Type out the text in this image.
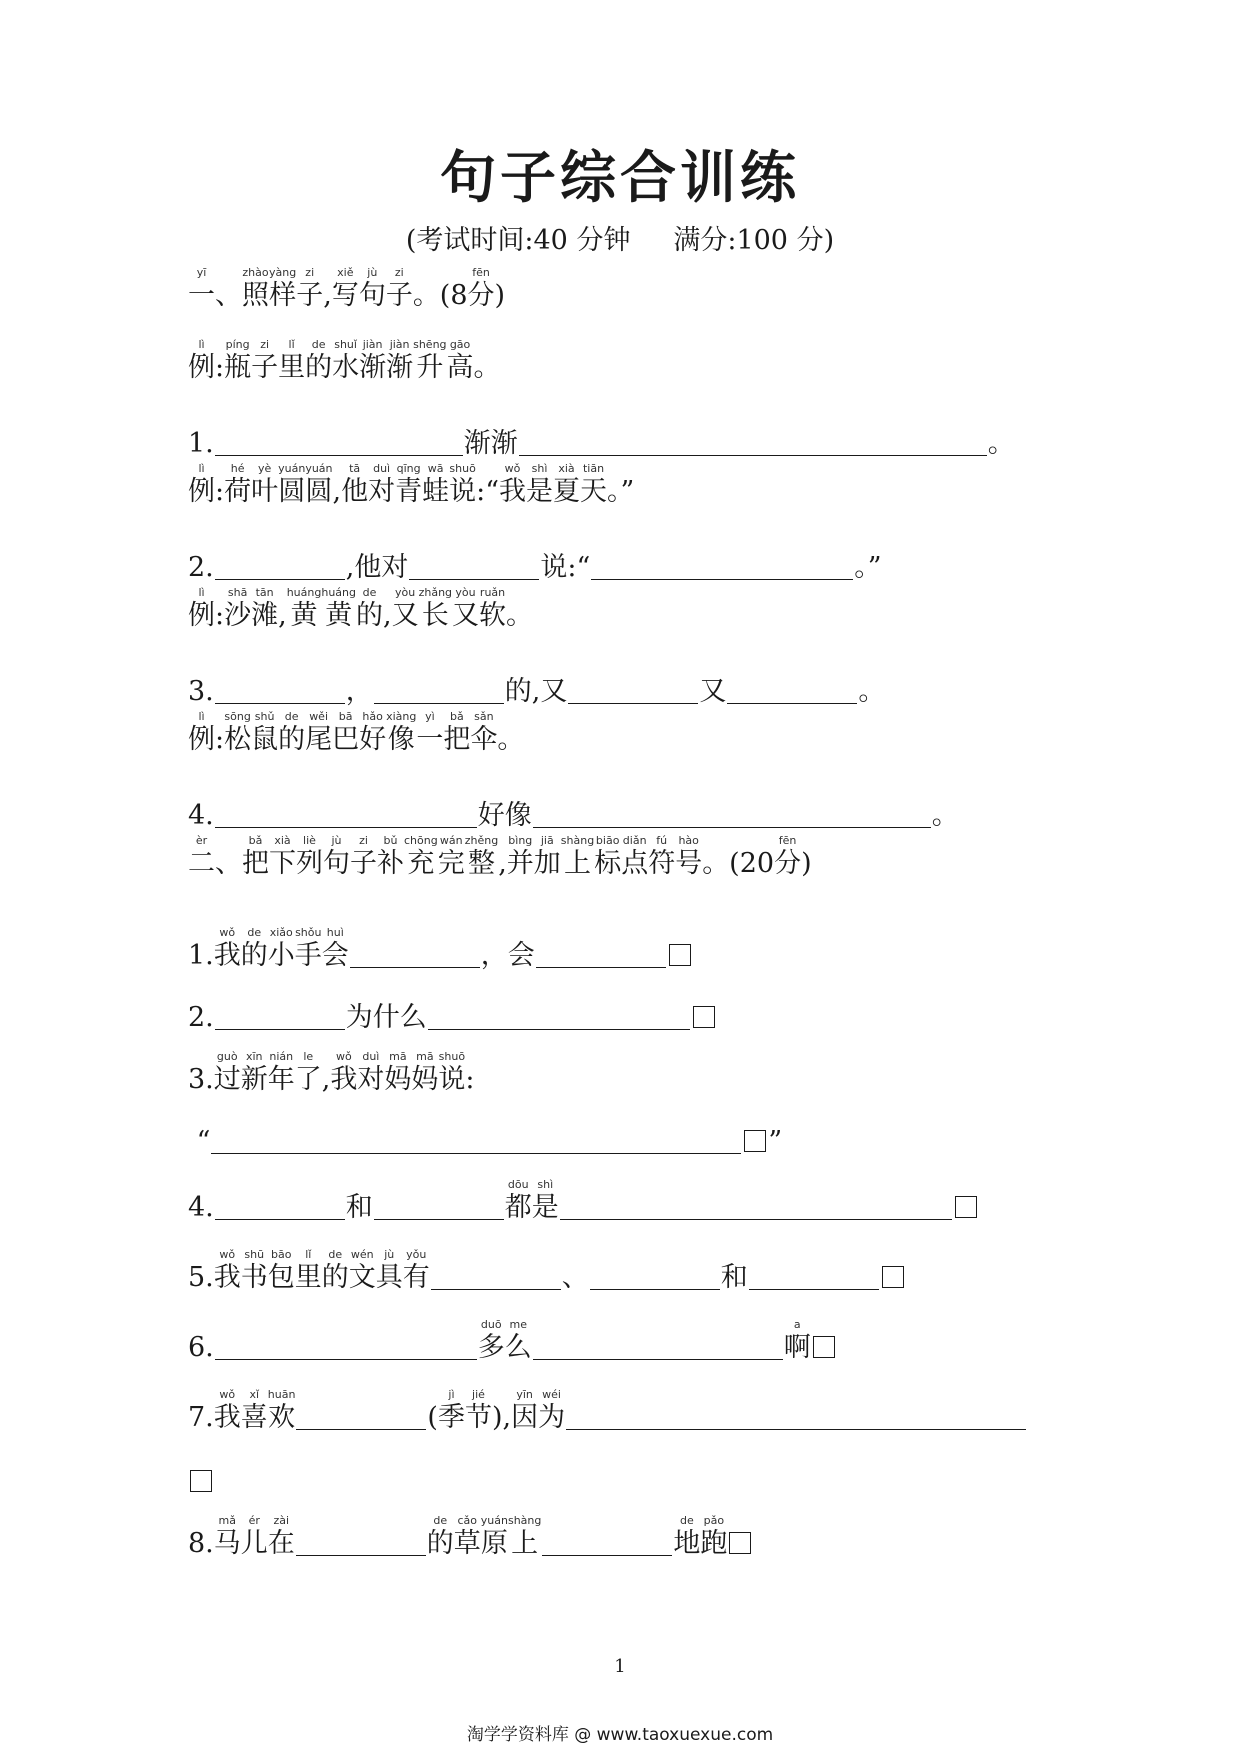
句子综合训练
(考试时间:40 分钟     满分:100 分)
yī
一 、
zhào
照
yàng
样
zi
子 ,
xiě
写
jù
句
zi
子 。(8
fēn
分 )
lì
例 :
píng
瓶
zi
子
lǐ
里
de
的
shuǐ
水
jiàn
渐
jiàn
渐
shēng
升
gāo
高 。
1.	渐渐	。
lì
例 :
hé
荷
yè
叶
yuán
圆
yuán
圆 ,
tā
他
duì
对
qīng
青
wā
蛙
shuō
说 :“
wǒ
我
shì
是
xià
夏
tiān
天 。”
2.	,他对	说:“	。”
lì
例 :
shā
沙
tān
滩 ,
huáng
黄
huáng
黄
de
的 ,
yòu
又
zhǎng
长
yòu
又
ruǎn
软 。
3.	，	的,又	又	。
lì
例 :
sōng
松
shǔ
鼠
de
的
wěi
尾
bā
巴
hǎo
好
xiàng
像
yì
一
bǎ
把
sǎn
伞 。
4.	好像	。
èr
二 、
bǎ
把
xià
下
liè
列
jù
句
zi
子
bǔ
补
chōng
充
wán
完
zhěng
整 ,
bìng
并
jiā
加
shàng
上
biāo
标
diǎn
点
fú
符
hào
号 。(20
fēn
分 )
1.
wǒ
我
de
的
xiǎo
小
shǒu
手
huì
会	，会
2.	为什么
3.
guò
过
xīn
新
nián
年
le
了 ,
wǒ
我
duì
对
mā
妈
mā
妈
shuō
说 :
“	”
4.	和
dōu
都
shì
是
5.
wǒ
我
shū
书
bāo
包
lǐ
里
de
的
wén
文
jù
具
yǒu
有	、	和
6.
duō
多
me
么
a
啊
7.
wǒ
我
xǐ
喜
huān
欢	(
jì
季
jié
节 ),
yīn
因
wéi
为
8.
mǎ
马
ér
儿
zài
在
de
的
cǎo
草
yuán
原
shàng
上
de
地
pǎo
跑
1
淘学学资料库 @ www.taoxuexue.com
